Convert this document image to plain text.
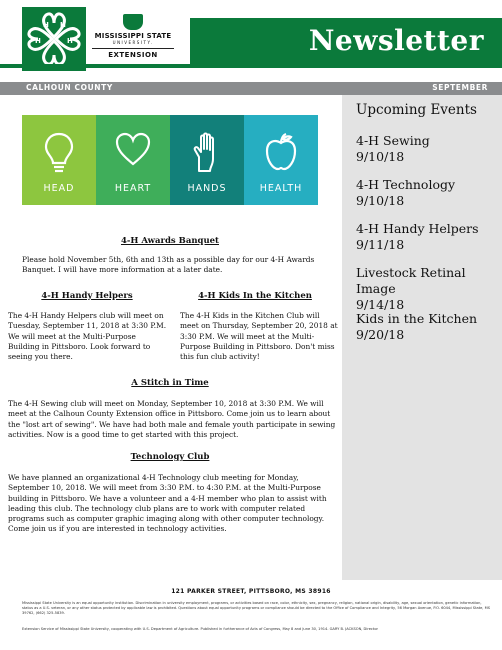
H H
H	H
MISSISSIPPI STATE
UNIVERSITY.
EXTENSION	Newsletter
CALHOUN COUNTY	SEPTEMBER
Upcoming Events
4-H Sewing
9/10/18
4-H Technology
9/10/18
4-H Handy Helpers
9/11/18
Livestock Retinal Image
9/14/18
Kids in the Kitchen
9/20/18
HEAD	HEART	HANDS	HEALTH
4-H Awards Banquet
Please hold November 5th, 6th and 13th as a possible day for our 4-H Awards Banquet. I will have more information at a later date.
4-H Handy Helpers
The 4-H Handy Helpers club will meet on Tuesday, September 11, 2018 at 3:30 P.M. We will meet at the Multi-Purpose Building in Pittsboro. Look forward to seeing you there.
4-H Kids In the Kitchen
The 4-H Kids in the Kitchen Club will meet on Thursday, September 20, 2018 at 3:30 P.M. We will meet at the Multi-Purpose Building in Pittsboro. Don't miss this fun club activity!
A Stitch in Time
The 4-H Sewing club will meet on Monday, September 10, 2018 at 3:30 P.M. We will meet at the Calhoun County Extension office in Pittsboro. Come join us to learn about the "lost art of sewing". We have had both male and female youth participate in sewing activities. Now is a good time to get started with this project.
Technology Club
We have planned an organizational 4-H Technology club meeting for Monday, September 10, 2018. We will meet from 3:30 P.M. to 4:30 P.M. at the Multi-Purpose building in Pittsboro. We have a volunteer and a 4-H member who plan to assist with leading this club. The technology club plans are to work with computer related programs such as computer graphic imaging along with other computer technology. Come join us if you are interested in technology activities.
121 PARKER STREET, PITTSBORO, MS 38916
Mississippi State University is an equal opportunity institution. Discrimination in university employment, programs, or activities based on race, color, ethnicity, sex, pregnancy, religion, national origin, disability, age, sexual orientation, genetic information, status as a U.S. veteran, or any other status protected by applicable law is prohibited. Questions about equal opportunity programs or compliance should be directed to the Office of Compliance and Integrity, 56 Morgan Avenue, P.O. 6044, Mississippi State, MS 39762, (662) 325-5839.
Extension Service of Mississippi State University, cooperating with U.S. Department of Agriculture. Published in furtherance of Acts of Congress, May 8 and June 30, 1914. GARY B. JACKSON, Director
